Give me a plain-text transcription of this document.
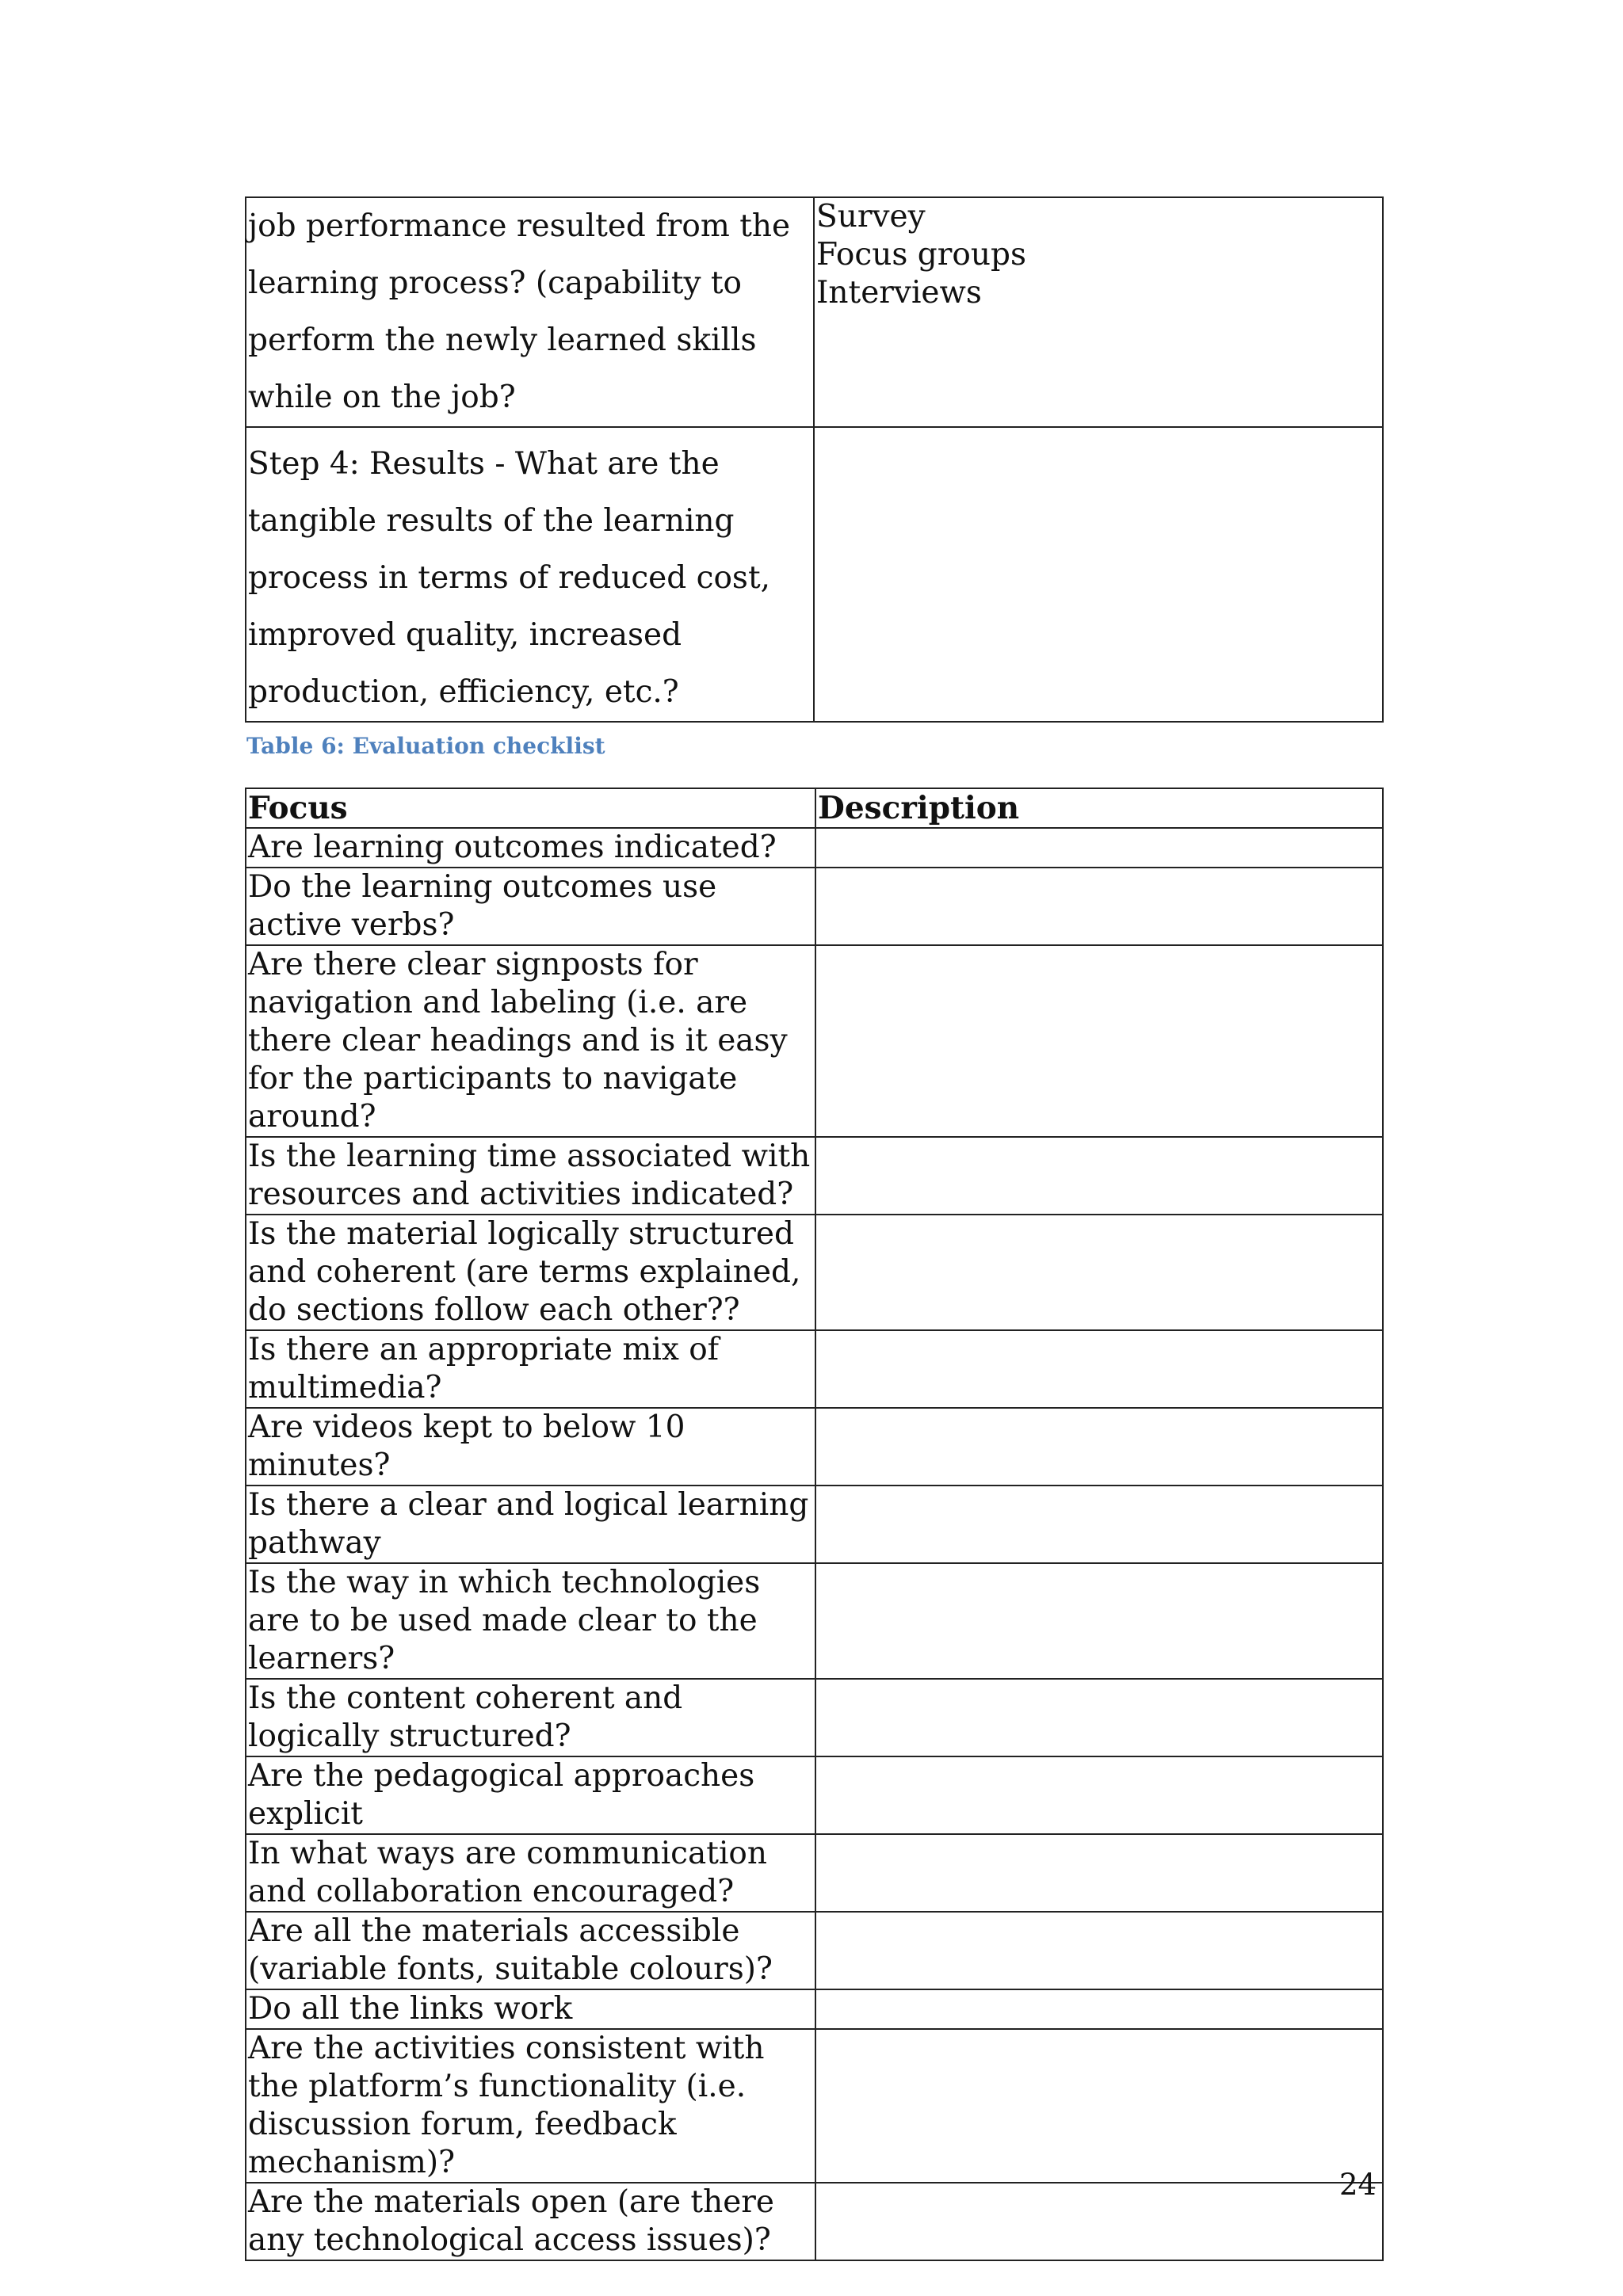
job performance resulted from the learning process? (capability to perform the newly learned skills while on the job?	Survey
Focus groups
Interviews

Step 4: Results - What are the tangible results of the learning process in terms of reduced cost, improved quality, increased production, efficiency, etc.?	
Table 6: Evaluation checklist
Focus	Description
Are learning outcomes indicated?	
Do the learning outcomes use active verbs?	
Are there clear signposts for navigation and labeling (i.e. are there clear headings and is it easy for the participants to navigate around?	
Is the learning time associated with resources and activities indicated?	
Is the material logically structured and coherent (are terms explained, do sections follow each other??	
Is there an appropriate mix of multimedia?	
Are videos kept to below 10 minutes?	
Is there a clear and logical learning pathway	
Is the way in which technologies are to be used made clear to the learners?	
Is the content coherent and logically structured?	
Are the pedagogical approaches explicit	
In what ways are communication and collaboration encouraged?	
Are all the materials accessible (variable fonts, suitable colours)?	
Do all the links work	
Are the activities consistent with the platform’s functionality (i.e. discussion forum, feedback mechanism)?	
Are the materials open (are there any technological access issues)?	
24
